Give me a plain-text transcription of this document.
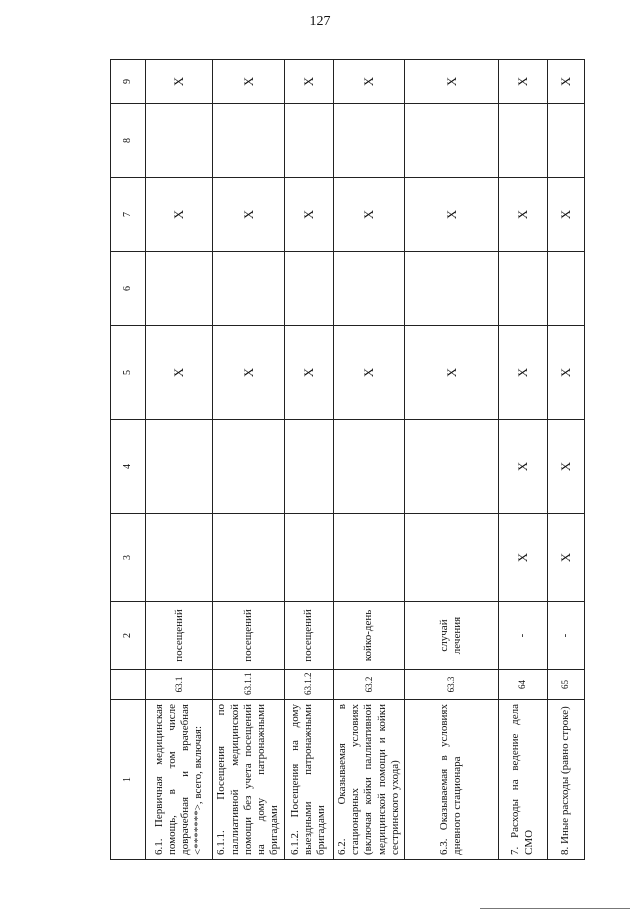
127
1		2	3	4	5	6	7	8	9
6.1. Первичная медицинская помощь, в том числе доврачебная и врачебная <*******>, всего, включая:	63.1	посещений			X		X		X
6.1.1. Посещения по паллиативной медицинской помощи без учета посещений на дому патронажными бригадами	63.1.1	посещений			X		X		X
6.1.2. Посещения на дому выездными патронажными бригадами	63.1.2	посещений			X		X		X
6.2. Оказываемая в стационарных условиях (включая койки паллиативной медицинской помощи и койки сестринского ухода)	63.2	койко-день			X		X		X
6.3. Оказываемая в условиях дневного стационара	63.3	случай лечения			X		X		X
7. Расходы на ведение дела СМО	64	-	X	X	X		X		X
8. Иные расходы (равно строке)	65	-	X	X	X		X		X
